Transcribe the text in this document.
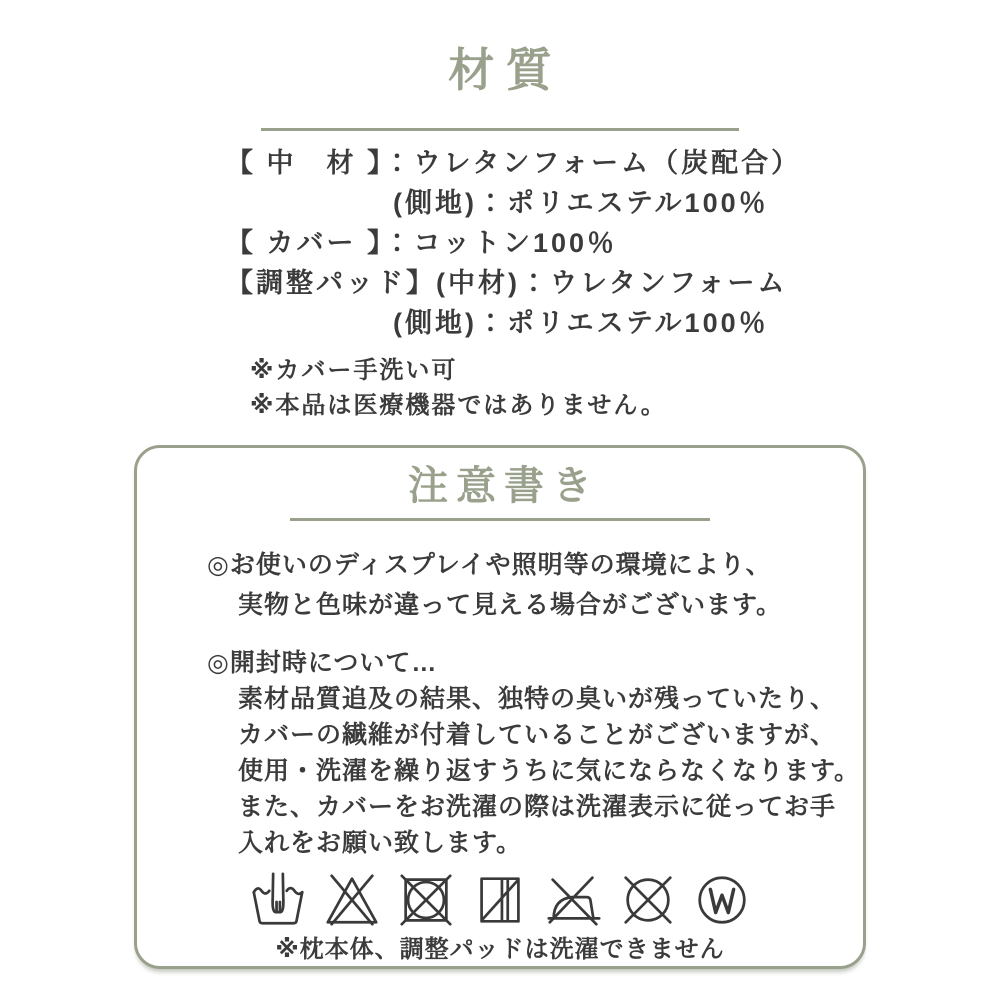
材質
【 中　材 】：ウレタンフォーム（炭配合）
(側地)：ポリエステル100％
【 カバー 】：コットン100％
【調整パッド】(中材)：ウレタンフォーム
(側地)：ポリエステル100％
※カバー手洗い可
※本品は医療機器ではありません。
注意書き
◎お使いのディスプレイや照明等の環境により、
実物と色味が違って見える場合がございます。
◎開封時について…
素材品質追及の結果、独特の臭いが残っていたり、
カバーの繊維が付着していることがございますが、
使用・洗濯を繰り返すうちに気にならなくなります。
また、カバーをお洗濯の際は洗濯表示に従ってお手
入れをお願い致します。
※枕本体、調整パッドは洗濯できません
